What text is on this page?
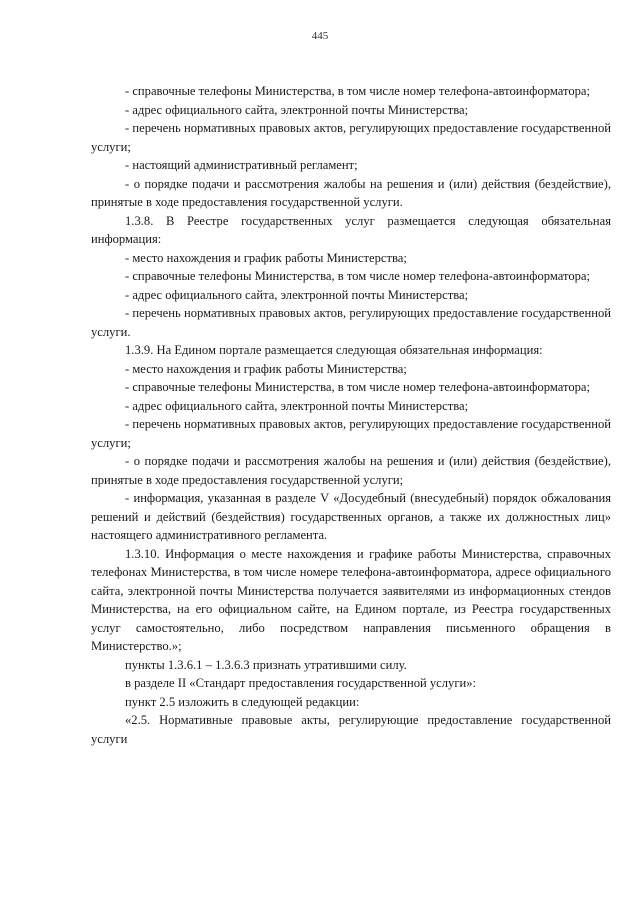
445

- справочные телефоны Министерства, в том числе номер телефона-автоинформатора;

- адрес официального сайта, электронной почты Министерства;

- перечень нормативных правовых актов, регулирующих предоставление государственной услуги;

- настоящий административный регламент;

- о порядке подачи и рассмотрения жалобы на решения и (или) действия (бездействие), принятые в ходе предоставления государственной услуги.

1.3.8. В Реестре государственных услуг размещается следующая обязательная информация:

- место нахождения и график работы Министерства;

- справочные телефоны Министерства, в том числе номер телефона-автоинформатора;

- адрес официального сайта, электронной почты Министерства;

- перечень нормативных правовых актов, регулирующих предоставление государственной услуги.

1.3.9. На Едином портале размещается следующая обязательная информация:

- место нахождения и график работы Министерства;

- справочные телефоны Министерства, в том числе номер телефона-автоинформатора;

- адрес официального сайта, электронной почты Министерства;

- перечень нормативных правовых актов, регулирующих предоставление государственной услуги;

- о порядке подачи и рассмотрения жалобы на решения и (или) действия (бездействие), принятые в ходе предоставления государственной услуги;

- информация, указанная в разделе V «Досудебный (внесудебный) порядок обжалования решений и действий (бездействия) государственных органов, а также их должностных лиц» настоящего административного регламента.

1.3.10. Информация о месте нахождения и графике работы Министерства, справочных телефонах Министерства, в том числе номере телефона-автоинформатора, адресе официального сайта, электронной почты Министерства получается заявителями из информационных стендов Министерства, на его официальном сайте, на Едином портале, из Реестра государственных услуг самостоятельно, либо посредством направления письменного обращения в Министерство.»;

пункты 1.3.6.1 – 1.3.6.3 признать утратившими силу.

в разделе II «Стандарт предоставления государственной услуги»:

пункт 2.5 изложить в следующей редакции:

«2.5. Нормативные правовые акты, регулирующие предоставление государственной услуги
